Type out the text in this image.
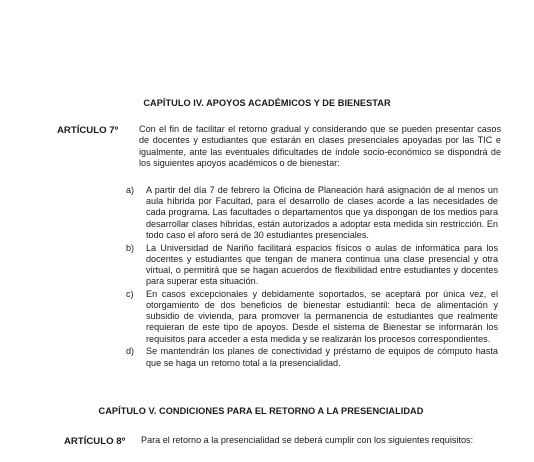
CAPÍTULO IV. APOYOS ACADÉMICOS Y DE BIENESTAR
ARTÍCULO 7º Con el fin de facilitar el retorno gradual y considerando que se pueden presentar casos de docentes y estudiantes que estarán en clases presenciales apoyadas por las TIC e igualmente, ante las eventuales dificultades de índole socio-económico se dispondrá de los siguientes apoyos académicos o de bienestar:
a) A partir del día 7 de febrero la Oficina de Planeación hará asignación de al menos un aula híbrida por Facultad, para el desarrollo de clases acorde a las necesidades de cada programa. Las facultades o departamentos que ya dispongan de los medios para desarrollar clases híbridas, están autorizados a adoptar esta medida sin restricción. En todo caso el aforo será de 30 estudiantes presenciales.
b) La Universidad de Nariño facilitará espacios físicos o aulas de informática para los docentes y estudiantes que tengan de manera continua una clase presencial y otra virtual, o permitirá que se hagan acuerdos de flexibilidad entre estudiantes y docentes para superar esta situación.
c) En casos excepcionales y debidamente soportados, se aceptará por única vez, el otorgamiento de dos beneficios de bienestar estudiantil: beca de alimentación y subsidio de vivienda, para promover la permanencia de estudiantes que realmente requieran de este tipo de apoyos. Desde el sistema de Bienestar se informarán los requisitos para acceder a esta medida y se realizarán los procesos correspondientes.
d) Se mantendrán los planes de conectividad y préstamo de equipos de cómputo hasta que se haga un retorno total a la presencialidad.
CAPÍTULO V. CONDICIONES PARA EL RETORNO A LA PRESENCIALIDAD
ARTÍCULO 8º Para el retorno a la presencialidad se deberá cumplir con los siguientes requisitos:
